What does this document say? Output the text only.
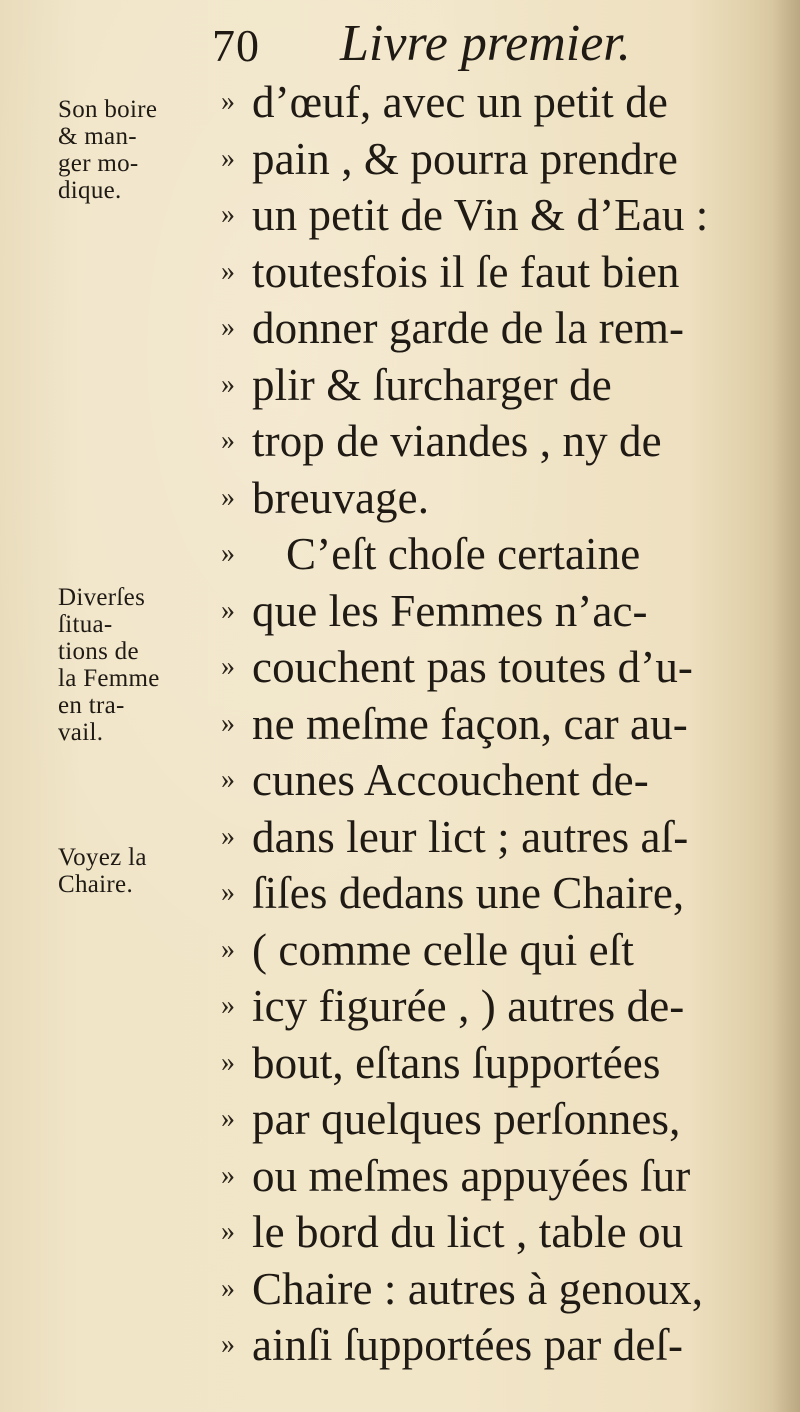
70 Livre premier.
Son boire
& man-
ger mo-
dique.
Diverſes
ſitua-
tions de
la Femme
en tra-
vail.
Voyez la
Chaire.
» d’œuf, avec un petit de
» pain , & pourra prendre
» un petit de Vin & d’Eau :
» toutesfois il ſe faut bien
» donner garde de la rem-
» plir & ſurcharger de
» trop de viandes , ny de
» breuvage.
»	C’eſt choſe certaine
» que les Femmes n’ac-
» couchent pas toutes d’u-
» ne meſme façon, car au-
» cunes Accouchent de-
» dans leur lict ; autres aſ-
» ſiſes dedans une Chaire,
» ( comme celle qui eſt
» icy figurée , ) autres de-
» bout, eſtans ſupportées
» par quelques perſonnes,
» ou meſmes appuyées ſur
» le bord du lict , table ou
» Chaire : autres à genoux,
» ainſi ſupportées par deſ-
